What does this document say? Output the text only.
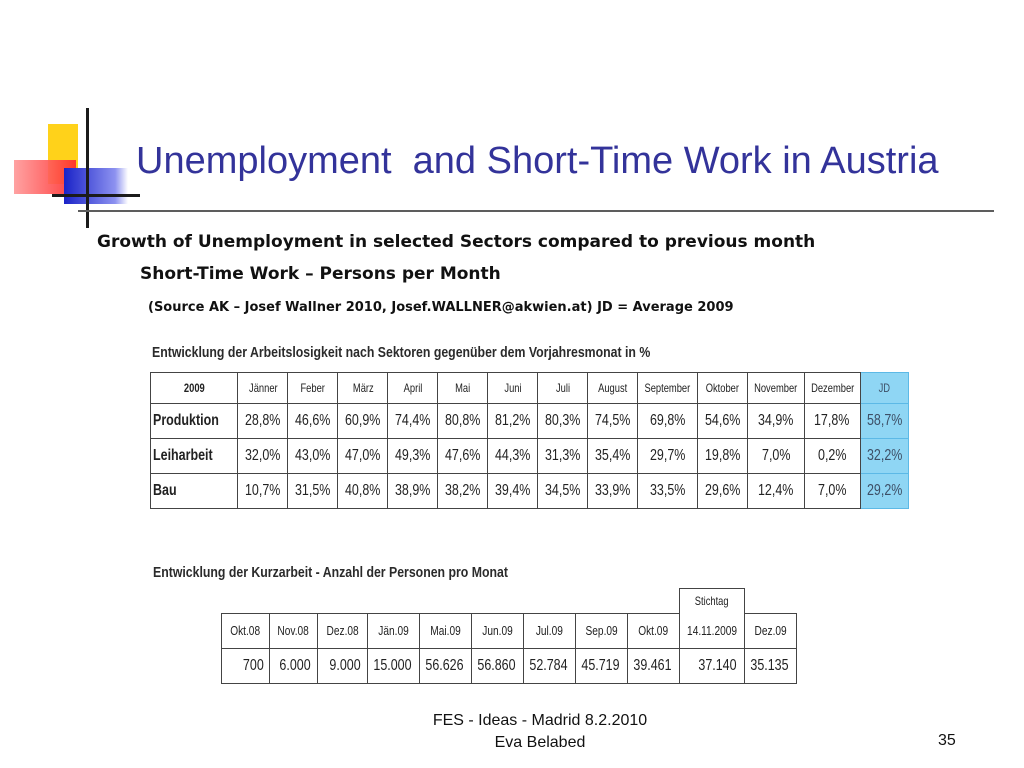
Unemployment  and Short-Time Work in Austria
Growth of Unemployment in selected Sectors compared to previous month
Short-Time Work – Persons per Month
(Source AK – Josef Wallner 2010, Josef.WALLNER@akwien.at) JD = Average 2009
Entwicklung der Arbeitslosigkeit nach Sektoren gegenüber dem Vorjahresmonat in %
2009	Jänner	Feber	März	April	Mai	Juni	Juli	August	September	Oktober	November	Dezember	JD
Produktion	28,8%	46,6%	60,9%	74,4%	80,8%	81,2%	80,3%	74,5%	69,8%	54,6%	34,9%	17,8%	58,7%
Leiharbeit	32,0%	43,0%	47,0%	49,3%	47,6%	44,3%	31,3%	35,4%	29,7%	19,8%	7,0%	0,2%	32,2%
Bau	10,7%	31,5%	40,8%	38,9%	38,2%	39,4%	34,5%	33,9%	33,5%	29,6%	12,4%	7,0%	29,2%
Entwicklung der Kurzarbeit - Anzahl der Personen pro Monat
									Stichtag	
Okt.08	Nov.08	Dez.08	Jän.09	Mai.09	Jun.09	Jul.09	Sep.09	Okt.09	14.11.2009	Dez.09
700	6.000	9.000	15.000	56.626	56.860	52.784	45.719	39.461	37.140	35.135
FES - Ideas - Madrid 8.2.2010
Eva Belabed	35
